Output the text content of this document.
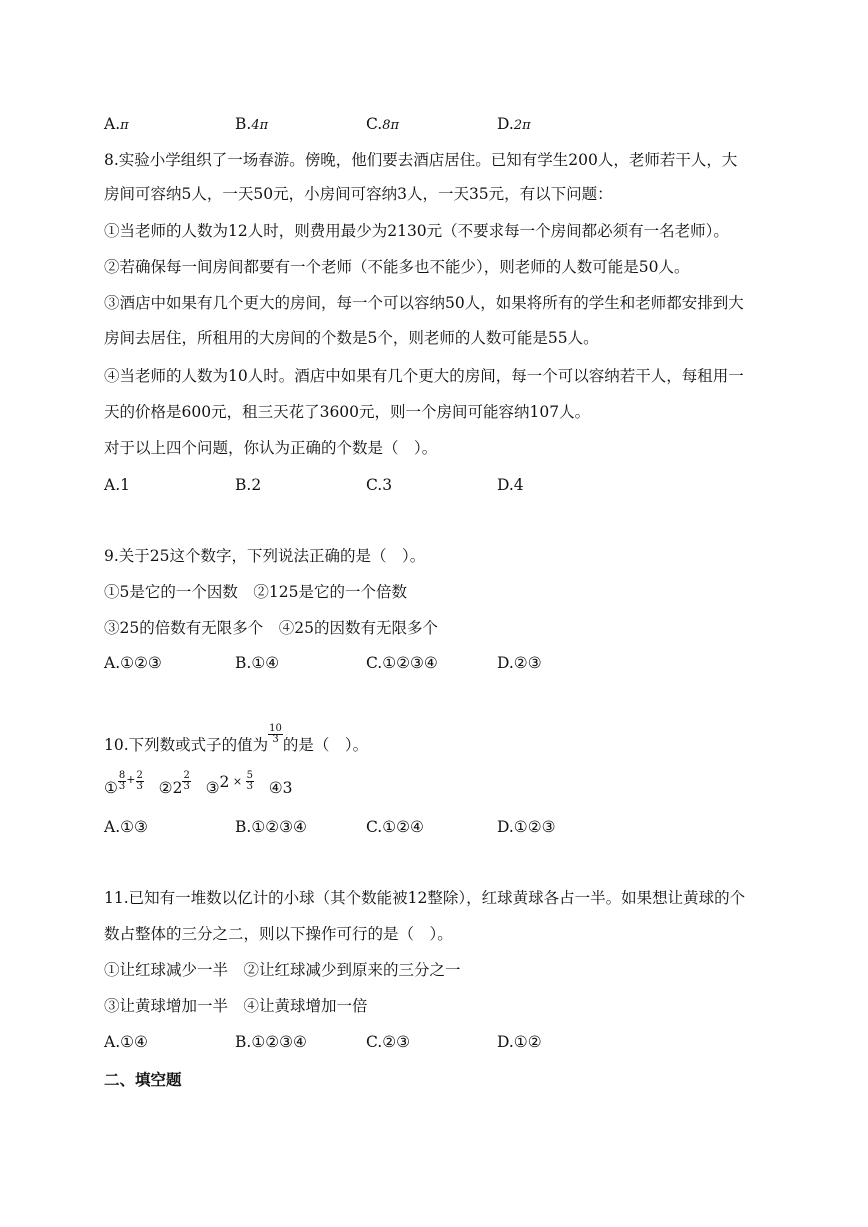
A.π	B.4π	C.8π	D.2π
8.实验小学组织了一场春游。傍晚，他们要去酒店居住。已知有学生200人，老师若干人，大
房间可容纳5人，一天50元，小房间可容纳3人，一天35元，有以下问题：
①当老师的人数为12人时，则费用最少为2130元（不要求每一个房间都必须有一名老师）。
②若确保每一间房间都要有一个老师（不能多也不能少），则老师的人数可能是50人。
③酒店中如果有几个更大的房间，每一个可以容纳50人，如果将所有的学生和老师都安排到大
房间去居住，所租用的大房间的个数是5个，则老师的人数可能是55人。
④当老师的人数为10人时。酒店中如果有几个更大的房间，每一个可以容纳若干人，每租用一
天的价格是600元，租三天花了3600元，则一个房间可能容纳107人。
对于以上四个问题，你认为正确的个数是（　）。
A.1	B.2	C.3	D.4
9.关于25这个数字，下列说法正确的是（　）。
①5是它的一个因数　②125是它的一个倍数
③25的倍数有无限多个　④25的因数有无限多个
A.①②③	B.①④	C.①②③④	D.②③
10.下列数或式子的值为
$\frac{10}{3}$
的是（　）。
① $\frac{8}{3} ^+ \frac{2}{3}$ ②2 $\frac{2}{3}$ ③2 $^\times \frac{5}{3}$ ④3
A.①③	B.①②③④	C.①②④	D.①②③
11.已知有一堆数以亿计的小球（其个数能被12整除），红球黄球各占一半。如果想让黄球的个
数占整体的三分之二，则以下操作可行的是（　）。
①让红球减少一半　②让红球减少到原来的三分之一
③让黄球增加一半　④让黄球增加一倍
A.①④	B.①②③④	C.②③	D.①②
二、填空题
